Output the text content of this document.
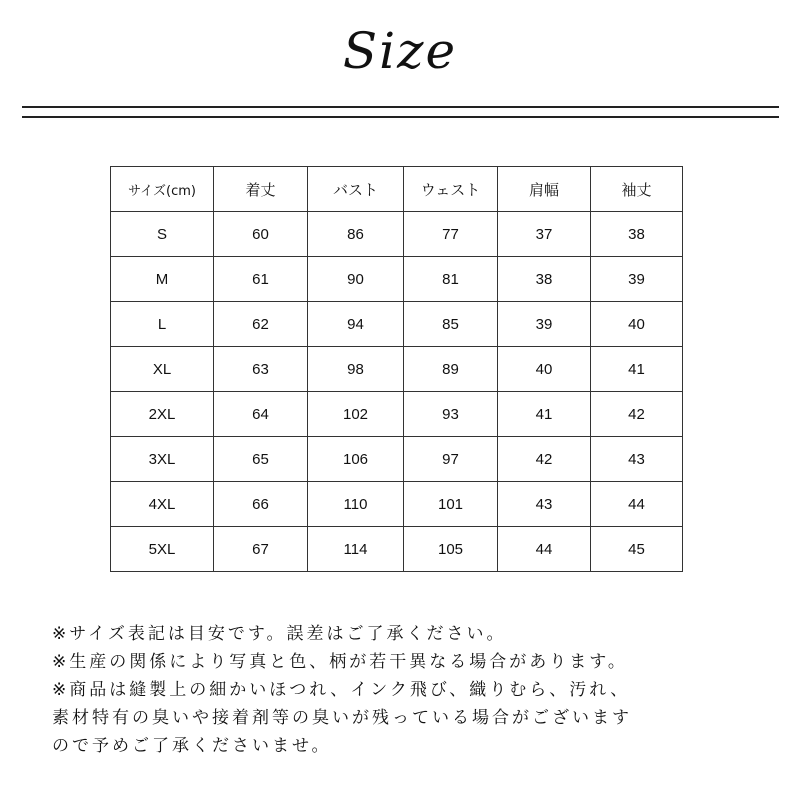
Size
サイズ(cm)	着丈	バスト	ウェスト	肩幅	袖丈
S	60	86	77	37	38
M	61	90	81	38	39
L	62	94	85	39	40
XL	63	98	89	40	41
2XL	64	102	93	41	42
3XL	65	106	97	42	43
4XL	66	110	101	43	44
5XL	67	114	105	44	45
※サイズ表記は目安です。誤差はご了承ください。
※生産の関係により写真と色、柄が若干異なる場合があります。
※商品は縫製上の細かいほつれ、インク飛び、織りむら、汚れ、
素材特有の臭いや接着剤等の臭いが残っている場合がございます
ので予めご了承くださいませ。
